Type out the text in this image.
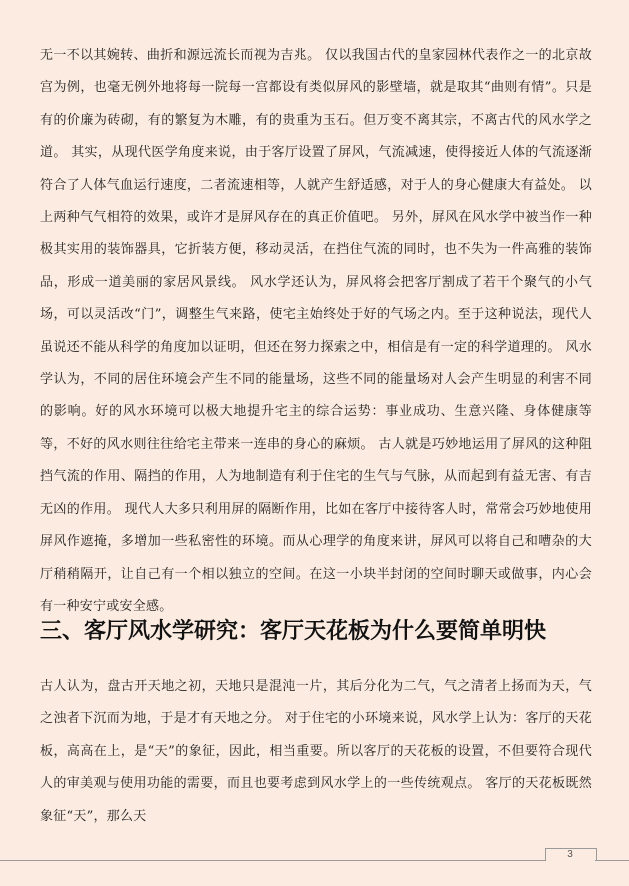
无一不以其婉转、曲折和源远流长而视为吉兆。 仅以我国古代的皇家园林代表作之一的北京故宫为例，也毫无例外地将每一院每一宫都设有类似屏风的影壁墙，就是取其“曲则有情”。只是有的价廉为砖砌，有的繁复为木雕，有的贵重为玉石。但万变不离其宗，不离古代的风水学之道。 其实，从现代医学角度来说，由于客厅设置了屏风，气流减速，使得接近人体的气流逐渐符合了人体气血运行速度，二者流速相等，人就产生舒适感，对于人的身心健康大有益处。 以上两种气气相符的效果，或许才是屏风存在的真正价值吧。 另外，屏风在风水学中被当作一种极其实用的装饰器具，它折装方便，移动灵活，在挡住气流的同时，也不失为一件高雅的装饰品，形成一道美丽的家居风景线。 风水学还认为，屏风将会把客厅割成了若干个聚气的小气场，可以灵活改“门”，调整生气来路，使宅主始终处于好的气场之内。至于这种说法，现代人虽说还不能从科学的角度加以证明，但还在努力探索之中，相信是有一定的科学道理的。 风水学认为，不同的居住环境会产生不同的能量场，这些不同的能量场对人会产生明显的利害不同的影响。好的风水环境可以极大地提升宅主的综合运势：事业成功、生意兴隆、身体健康等等，不好的风水则往往给宅主带来一连串的身心的麻烦。 古人就是巧妙地运用了屏风的这种阻挡气流的作用、隔挡的作用，人为地制造有利于住宅的生气与气脉，从而起到有益无害、有吉无凶的作用。 现代人大多只利用屏的隔断作用，比如在客厅中接待客人时，常常会巧妙地使用屏风作遮掩，多增加一些私密性的环境。而从心理学的角度来讲，屏风可以将自己和嘈杂的大厅稍稍隔开，让自己有一个相以独立的空间。在这一小块半封闭的空间时聊天或做事，内心会有一种安宁或安全感。

三、客厅风水学研究：客厅天花板为什么要简单明快

古人认为，盘古开天地之初，天地只是混沌一片，其后分化为二气，气之清者上扬而为天，气之浊者下沉而为地，于是才有天地之分。 对于住宅的小环境来说，风水学上认为：客厅的天花板，高高在上，是“天”的象征，因此，相当重要。所以客厅的天花板的设置，不但要符合现代人的审美观与使用功能的需要，而且也要考虑到风水学上的一些传统观点。 客厅的天花板既然象征“天”，那么天

3
